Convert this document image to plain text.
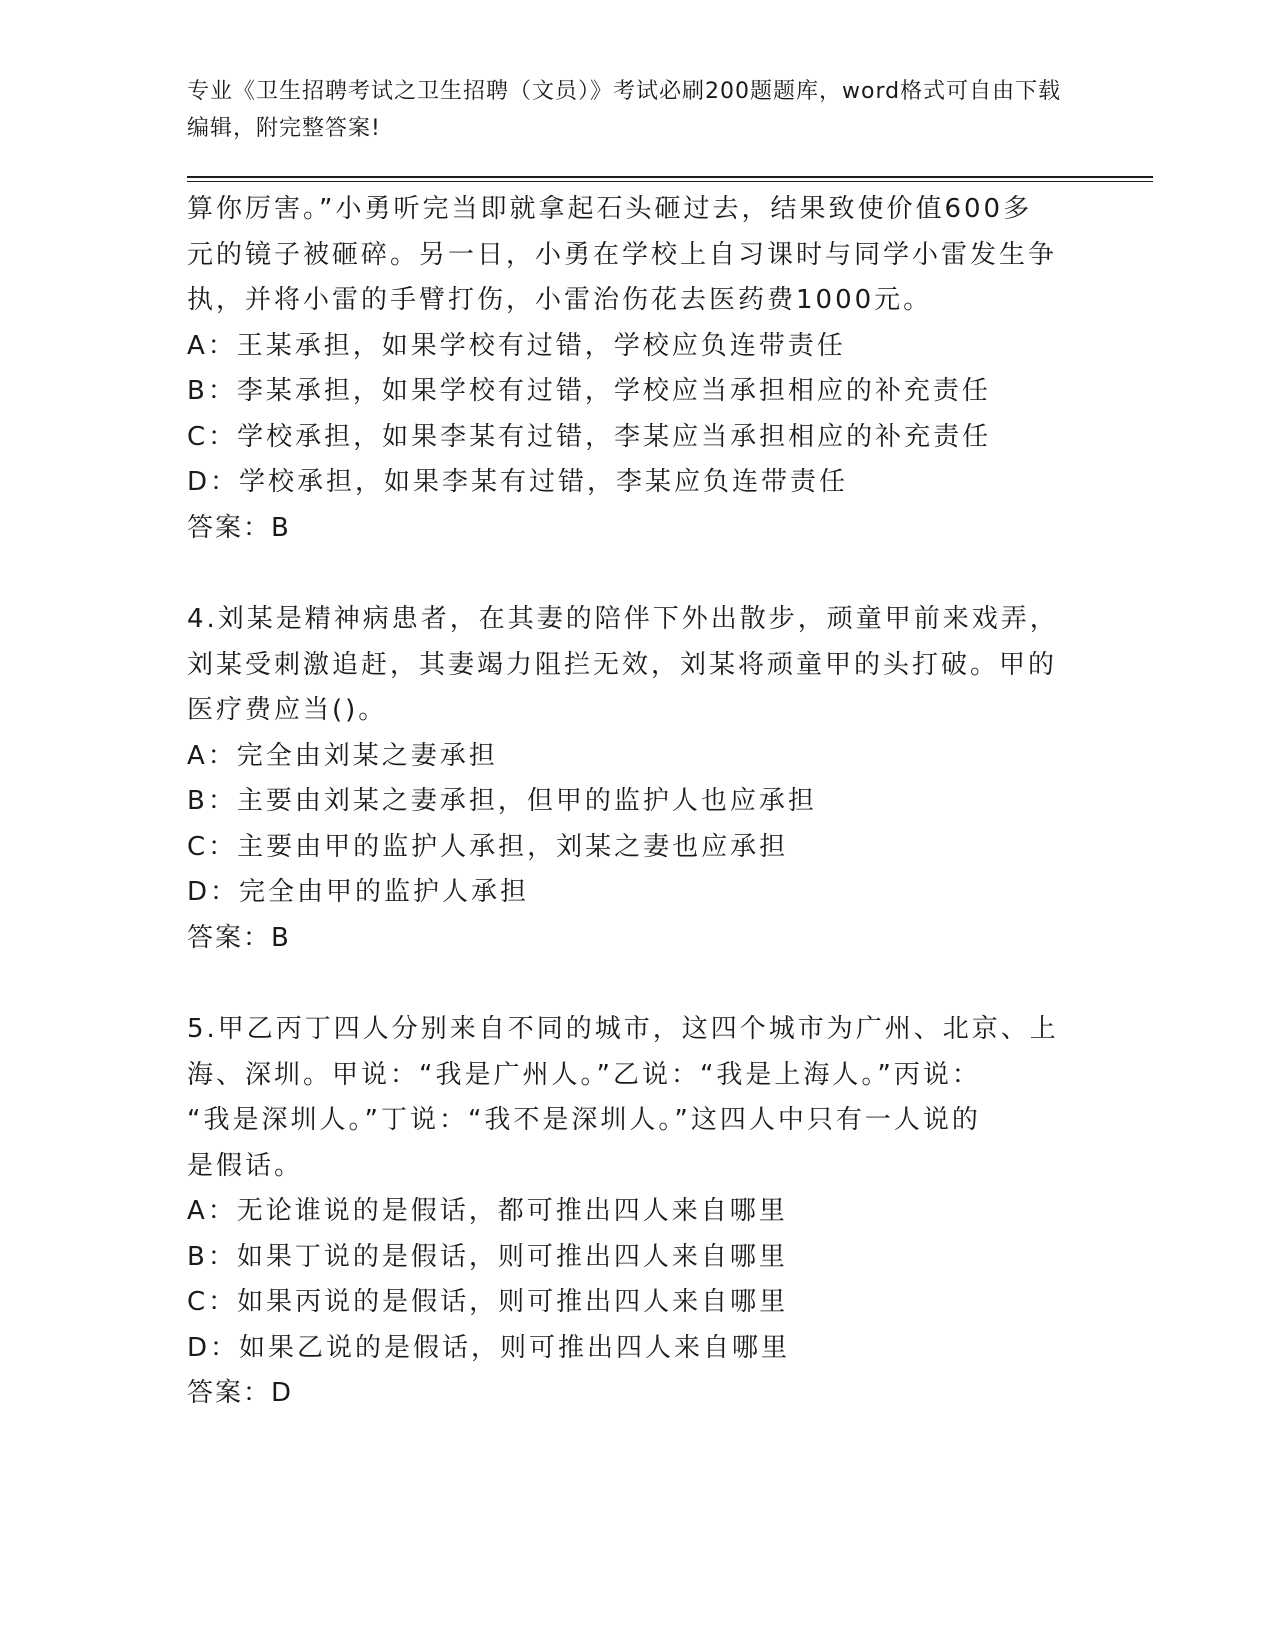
专业《卫生招聘考试之卫生招聘（文员）》考试必刷200题题库，word格式可自由下载编辑，附完整答案!
算你厉害。”小勇听完当即就拿起石头砸过去，结果致使价值600多
元的镜子被砸碎。另一日，小勇在学校上自习课时与同学小雷发生争
执，并将小雷的手臂打伤，小雷治伤花去医药费1000元。
A：王某承担，如果学校有过错，学校应负连带责任
B：李某承担，如果学校有过错，学校应当承担相应的补充责任
C：学校承担，如果李某有过错，李某应当承担相应的补充责任
D：学校承担，如果李某有过错，李某应负连带责任
答案：B
4.刘某是精神病患者，在其妻的陪伴下外出散步，顽童甲前来戏弄，
刘某受刺激追赶，其妻竭力阻拦无效，刘某将顽童甲的头打破。甲的
医疗费应当()。
A：完全由刘某之妻承担
B：主要由刘某之妻承担，但甲的监护人也应承担
C：主要由甲的监护人承担，刘某之妻也应承担
D：完全由甲的监护人承担
答案：B
5.甲乙丙丁四人分别来自不同的城市，这四个城市为广州、北京、上
海、深圳。甲说：“我是广州人。”乙说：“我是上海人。”丙说：
“我是深圳人。”丁说：“我不是深圳人。”这四人中只有一人说的
是假话。
A：无论谁说的是假话，都可推出四人来自哪里
B：如果丁说的是假话，则可推出四人来自哪里
C：如果丙说的是假话，则可推出四人来自哪里
D：如果乙说的是假话，则可推出四人来自哪里
答案：D
